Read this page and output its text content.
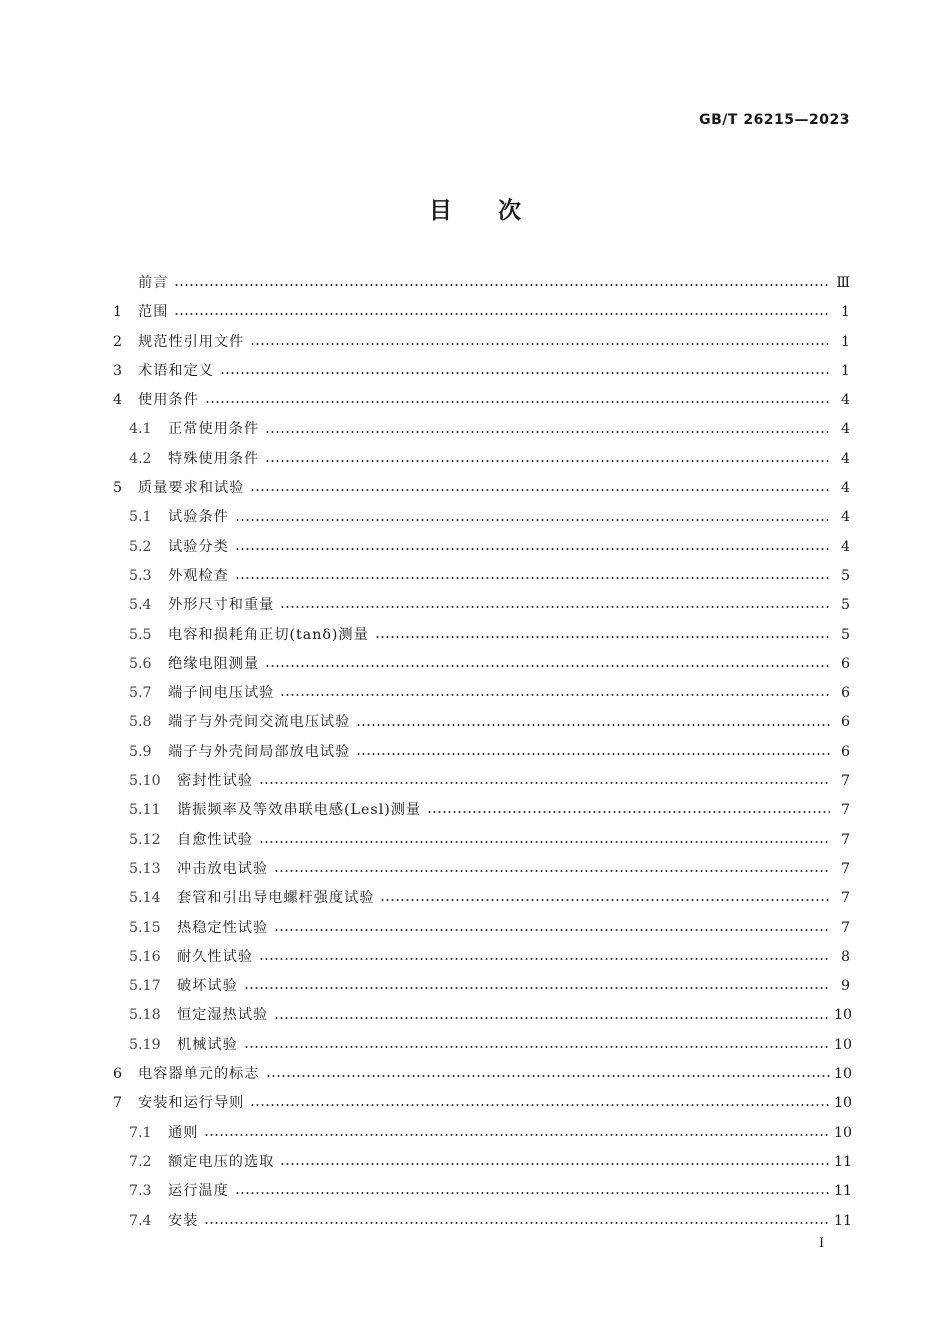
GB/T 26215—2023
目 次
前言	Ⅲ
1	范围	1
2	规范性引用文件	1
3	术语和定义	1
4	使用条件	4
4.1	正常使用条件	4
4.2	特殊使用条件	4
5	质量要求和试验	4
5.1	试验条件	4
5.2	试验分类	4
5.3	外观检查	5
5.4	外形尺寸和重量	5
5.5	电容和损耗角正切(tanδ)测量	5
5.6	绝缘电阻测量	6
5.7	端子间电压试验	6
5.8	端子与外壳间交流电压试验	6
5.9	端子与外壳间局部放电试验	6
5.10	密封性试验	7
5.11	谐振频率及等效串联电感(Lesl)测量	7
5.12	自愈性试验	7
5.13	冲击放电试验	7
5.14	套管和引出导电螺杆强度试验	7
5.15	热稳定性试验	7
5.16	耐久性试验	8
5.17	破坏试验	9
5.18	恒定湿热试验	10
5.19	机械试验	10
6	电容器单元的标志	10
7	安装和运行导则	10
7.1	通则	10
7.2	额定电压的选取	11
7.3	运行温度	11
7.4	安装	11
I
